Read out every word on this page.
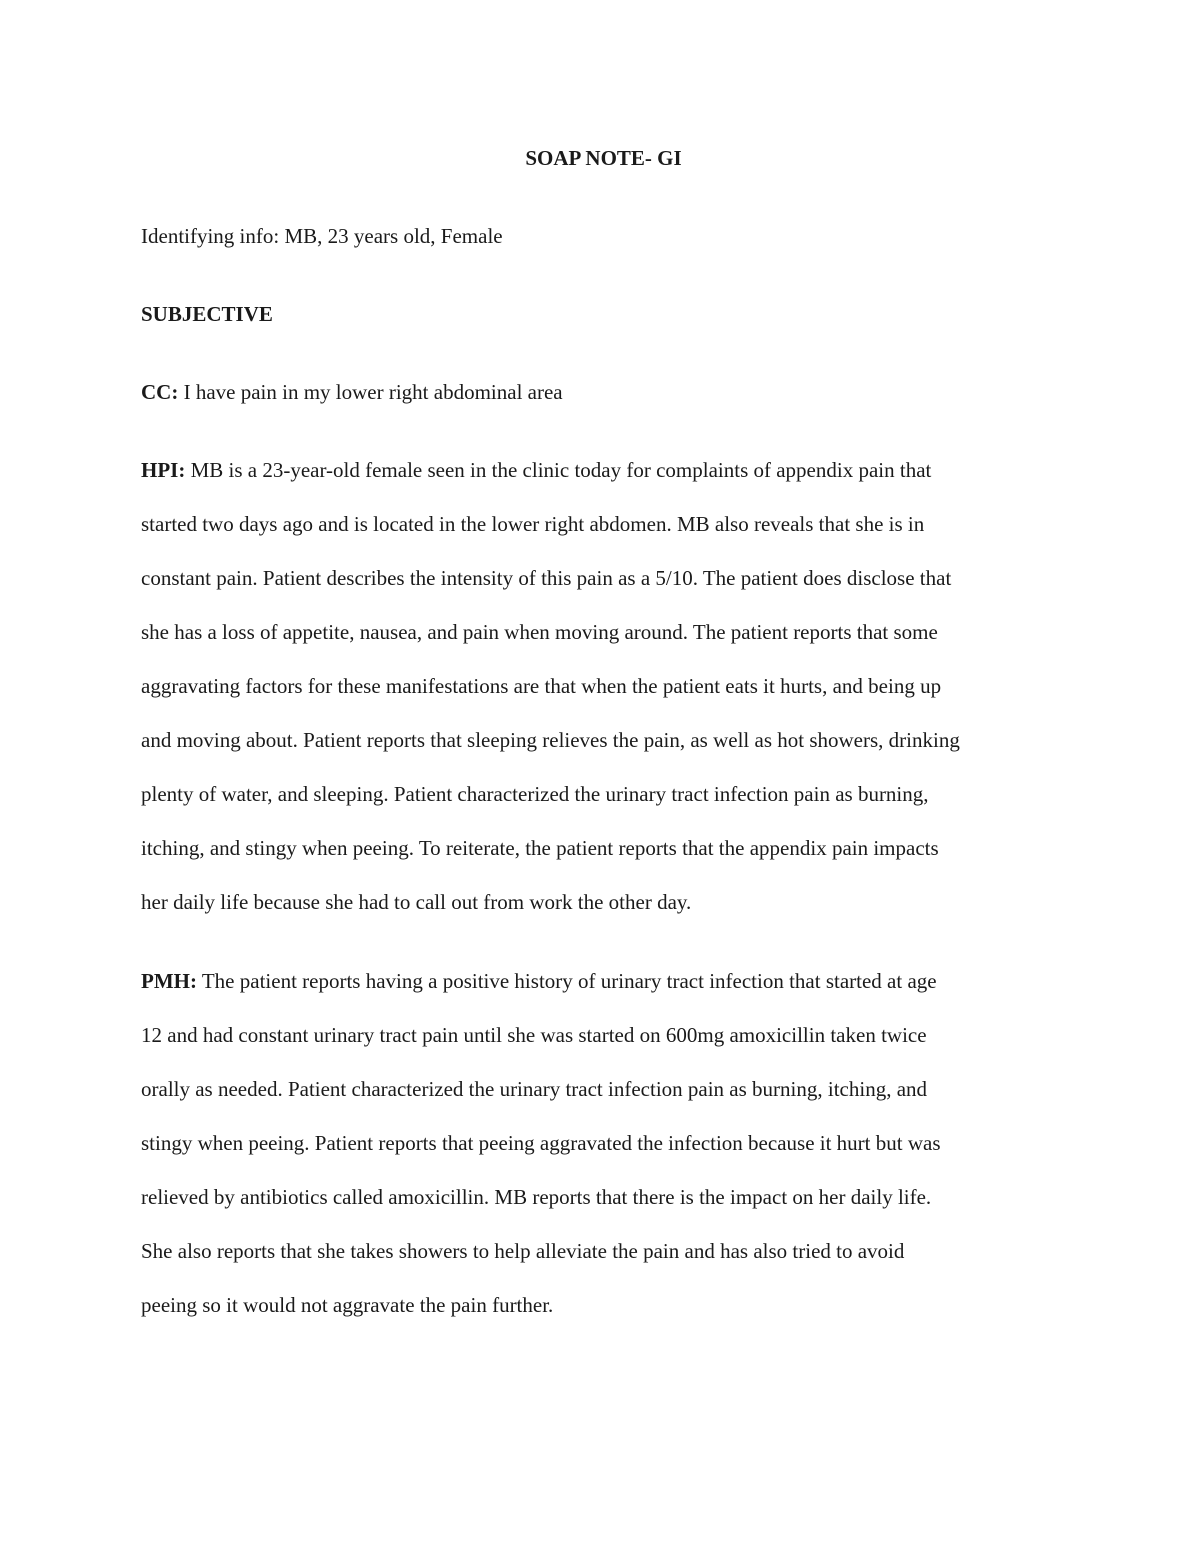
SOAP NOTE- GI

Identifying info: MB, 23 years old, Female

SUBJECTIVE

CC: I have pain in my lower right abdominal area

HPI: MB is a 23-year-old female seen in the clinic today for complaints of appendix pain that
started two days ago and is located in the lower right abdomen. MB also reveals that she is in
constant pain. Patient describes the intensity of this pain as a 5/10. The patient does disclose that
she has a loss of appetite, nausea, and pain when moving around. The patient reports that some
aggravating factors for these manifestations are that when the patient eats it hurts, and being up
and moving about. Patient reports that sleeping relieves the pain, as well as hot showers, drinking
plenty of water, and sleeping. Patient characterized the urinary tract infection pain as burning,
itching, and stingy when peeing. To reiterate, the patient reports that the appendix pain impacts
her daily life because she had to call out from work the other day.
PMH: The patient reports having a positive history of urinary tract infection that started at age
12 and had constant urinary tract pain until she was started on 600mg amoxicillin taken twice
orally as needed. Patient characterized the urinary tract infection pain as burning, itching, and
stingy when peeing. Patient reports that peeing aggravated the infection because it hurt but was
relieved by antibiotics called amoxicillin. MB reports that there is the impact on her daily life.
She also reports that she takes showers to help alleviate the pain and has also tried to avoid
peeing so it would not aggravate the pain further.
